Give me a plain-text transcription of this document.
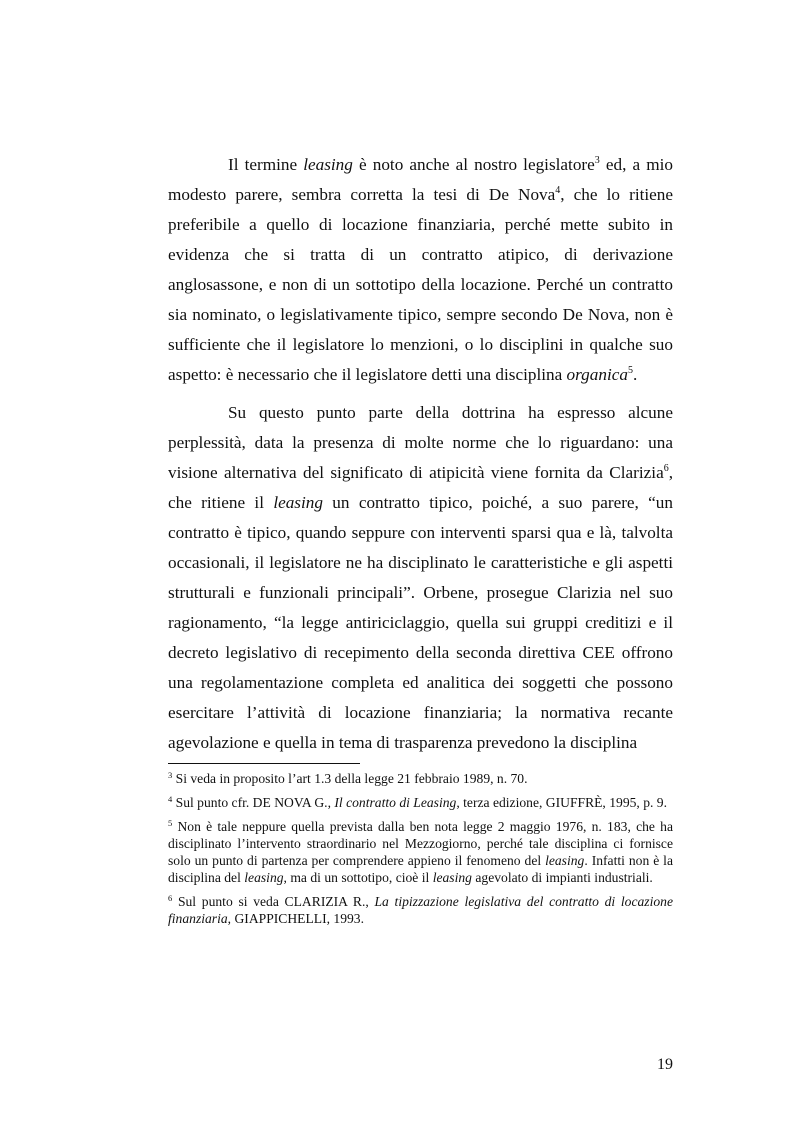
Il termine leasing è noto anche al nostro legislatore$^3$ ed, a mio modesto parere, sembra corretta la tesi di De Nova$^4$, che lo ritiene preferibile a quello di locazione finanziaria, perché mette subito in evidenza che si tratta di un contratto atipico, di derivazione anglosassone, e non di un sottotipo della locazione. Perché un contratto sia nominato, o legislativamente tipico, sempre secondo De Nova, non è sufficiente che il legislatore lo menzioni, o lo disciplini in qualche suo aspetto: è necessario che il legislatore detti una disciplina organica$^5$.

Su questo punto parte della dottrina ha espresso alcune perplessità, data la presenza di molte norme che lo riguardano: una visione alternativa del significato di atipicità viene fornita da Clarizia$^6$, che ritiene il leasing un contratto tipico, poiché, a suo parere, “un contratto è tipico, quando seppure con interventi sparsi qua e là, talvolta occasionali, il legislatore ne ha disciplinato le caratteristiche e gli aspetti strutturali e funzionali principali”. Orbene, prosegue Clarizia nel suo ragionamento, “la legge antiriciclaggio, quella sui gruppi creditizi e il decreto legislativo di recepimento della seconda direttiva CEE offrono una regolamentazione completa ed analitica dei soggetti che possono esercitare l’attività di locazione finanziaria; la normativa recante agevolazione e quella in tema di trasparenza prevedono la disciplina

$^3$ Si veda in proposito l’art 1.3 della legge 21 febbraio 1989, n. 70.

$^4$ Sul punto cfr. DE NOVA G., Il contratto di Leasing, terza edizione, GIUFFRÈ, 1995, p. 9.

$^5$ Non è tale neppure quella prevista dalla ben nota legge 2 maggio 1976, n. 183, che ha disciplinato l’intervento straordinario nel Mezzogiorno, perché tale disciplina ci fornisce solo un punto di partenza per comprendere appieno il fenomeno del leasing. Infatti non è la disciplina del leasing, ma di un sottotipo, cioè il leasing agevolato di impianti industriali.

$^6$ Sul punto si veda CLARIZIA R., La tipizzazione legislativa del contratto di locazione finanziaria, GIAPPICHELLI, 1993.

19
